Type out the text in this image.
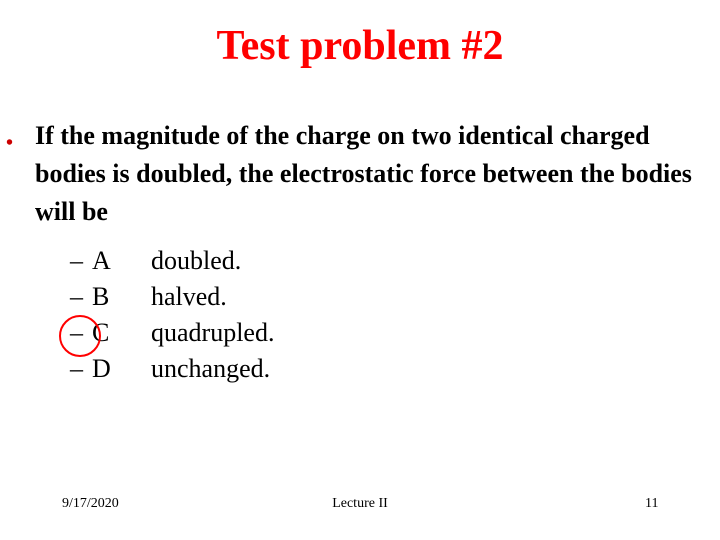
Test problem #2
• If the magnitude of the charge on two identical charged bodies is doubled, the electrostatic force between the bodies will be
– A doubled.
– B halved.
– C quadrupled.
– D unchanged.
9/17/2020	Lecture II	11
